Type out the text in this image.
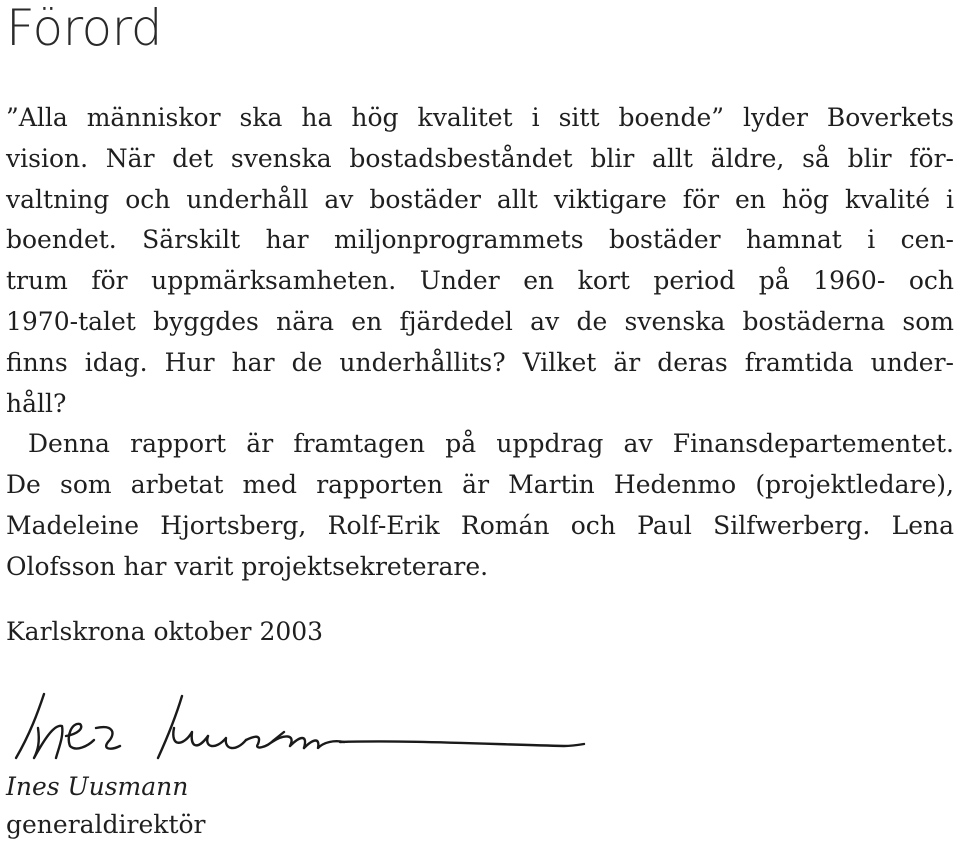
Förord
”Alla människor ska ha hög kvalitet i sitt boende” lyder Boverkets
vision. När det svenska bostadsbeståndet blir allt äldre, så blir för-
valtning och underhåll av bostäder allt viktigare för en hög kvalité i
boendet. Särskilt har miljonprogrammets bostäder hamnat i cen-
trum för uppmärksamheten. Under en kort period på 1960- och
1970-talet byggdes nära en fjärdedel av de svenska bostäderna som
finns idag. Hur har de underhållits? Vilket är deras framtida under-
håll?
Denna rapport är framtagen på uppdrag av Finansdepartementet.
De som arbetat med rapporten är Martin Hedenmo (projektledare),
Madeleine Hjortsberg, Rolf-Erik Román och Paul Silfwerberg. Lena
Olofsson har varit projektsekreterare.
Karlskrona oktober 2003
Ines Uusmann
generaldirektör
